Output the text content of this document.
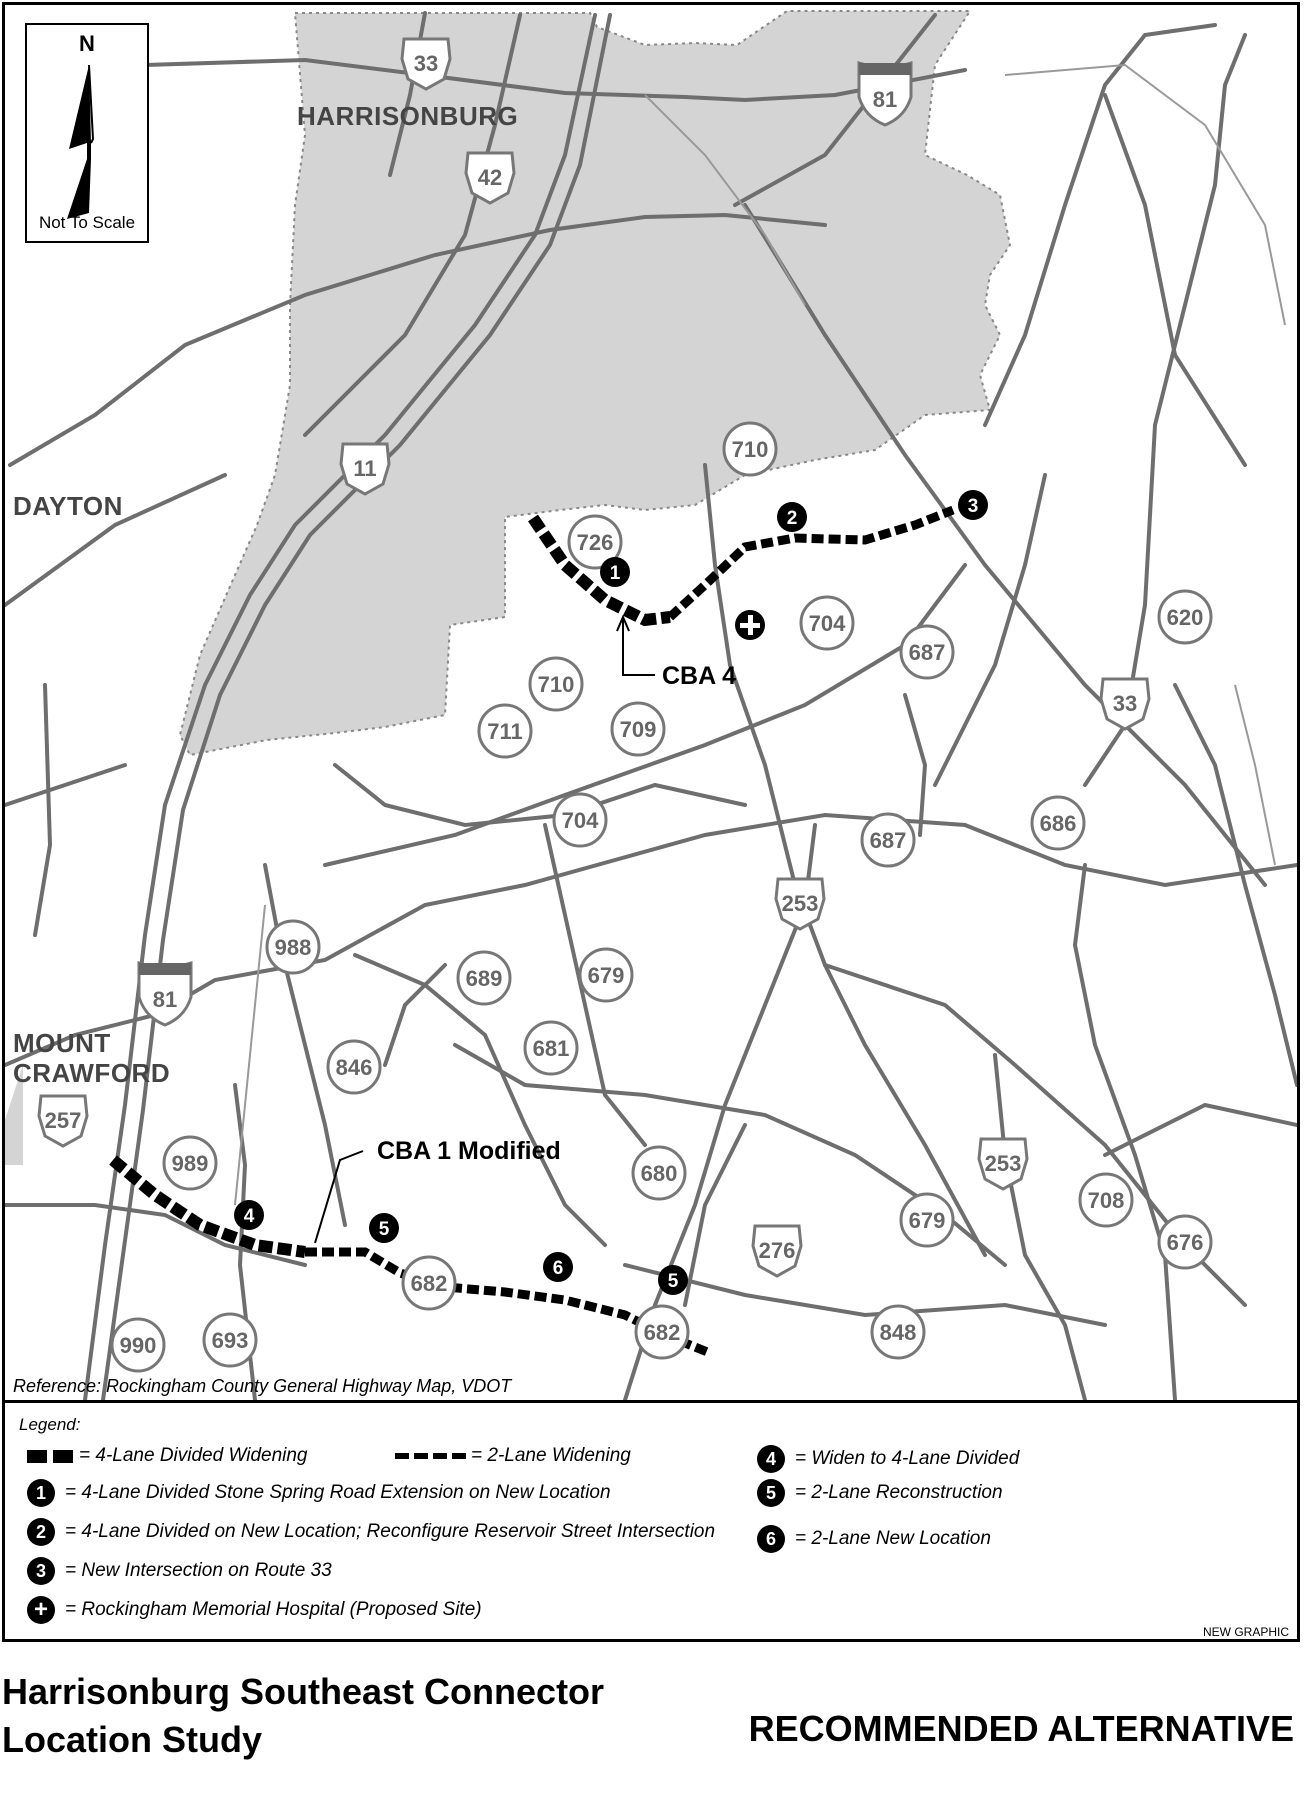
HARRISONBURG
DAYTON
MOUNT
CRAWFORD
33
81
42
11
710
726
704	620
687
33
710
711	709
704
687
686
253
988
81
689	679
681
846
257
989	680	253
708
679
676
276
682
682	848
990	693
CBA 4
CBA 1 Modified
1
2
3
4
5
6
5
Reference: Rockingham County General Highway Map, VDOT
N
Not To Scale
Legend:
= 4-Lane Divided Widening	= 2-Lane Widening
1	= 4-Lane Divided Stone Spring Road Extension on New Location
2	= 4-Lane Divided on New Location; Reconfigure Reservoir Street Intersection
3	= New Intersection on Route 33
+ = Rockingham Memorial Hospital (Proposed Site)
4	= Widen to 4-Lane Divided
5	= 2-Lane Reconstruction
6	= 2-Lane New Location
NEW GRAPHIC
Harrisonburg Southeast Connector
Location Study	RECOMMENDED ALTERNATIVE
